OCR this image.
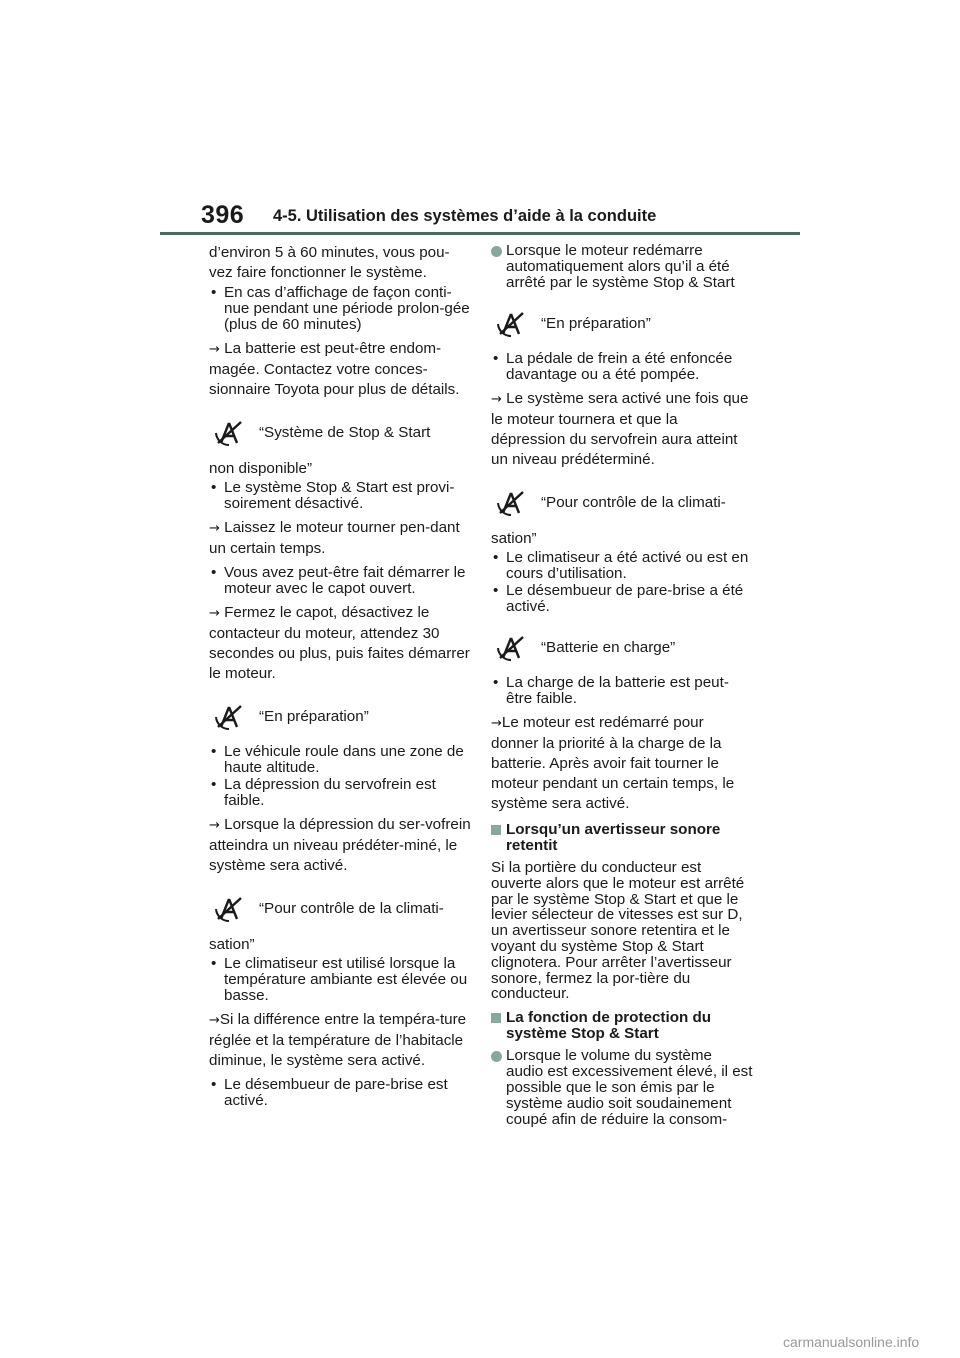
396 4-5. Utilisation des systèmes d’aide à la conduite

d’environ 5 à 60 minutes, vous pou-vez faire fonctionner le système.

• En cas d’affichage de façon conti-nue pendant une période prolon-gée (plus de 60 minutes)

→ La batterie est peut-être endom-magée. Contactez votre conces-sionnaire Toyota pour plus de détails.

“Système de Stop & Start

non disponible”

• Le système Stop & Start est provi-soirement désactivé.

→ Laissez le moteur tourner pen-dant un certain temps.

• Vous avez peut-être fait démarrer le moteur avec le capot ouvert.

→ Fermez le capot, désactivez le contacteur du moteur, attendez 30 secondes ou plus, puis faites démarrer le moteur.

“En préparation”
• Le véhicule roule dans une zone de haute altitude.
• La dépression du servofrein est faible.

→ Lorsque la dépression du ser-vofrein atteindra un niveau prédéter-miné, le système sera activé.

“Pour contrôle de la climati-

sation”

• Le climatiseur est utilisé lorsque la température ambiante est élevée ou basse.

→Si la différence entre la tempéra-ture réglée et la température de l’habitacle diminue, le système sera activé.

• Le désembueur de pare-brise est activé.
Lorsque le moteur redémarre automatiquement alors qu’il a été arrêté par le système Stop & Start
“En préparation”
• La pédale de frein a été enfoncée davantage ou a été pompée.

→ Le système sera activé une fois que le moteur tournera et que la dépression du servofrein aura atteint un niveau prédéterminé.

“Pour contrôle de la climati-

sation”

• Le climatiseur a été activé ou est en cours d’utilisation.
• Le désembueur de pare-brise a été activé.
“Batterie en charge”
• La charge de la batterie est peut-être faible.

→Le moteur est redémarré pour donner la priorité à la charge de la batterie. Après avoir fait tourner le moteur pendant un certain temps, le système sera activé.

Lorsqu’un avertisseur sonore retentit

Si la portière du conducteur est ouverte alors que le moteur est arrêté par le système Stop & Start et que le levier sélecteur de vitesses est sur D, un avertisseur sonore retentira et le voyant du système Stop & Start clignotera. Pour arrêter l’avertisseur sonore, fermez la por-tière du conducteur.

La fonction de protection du système Stop & Start
Lorsque le volume du système audio est excessivement élevé, il est possible que le son émis par le système audio soit soudainement coupé afin de réduire la consom-
carmanualsonline.info
